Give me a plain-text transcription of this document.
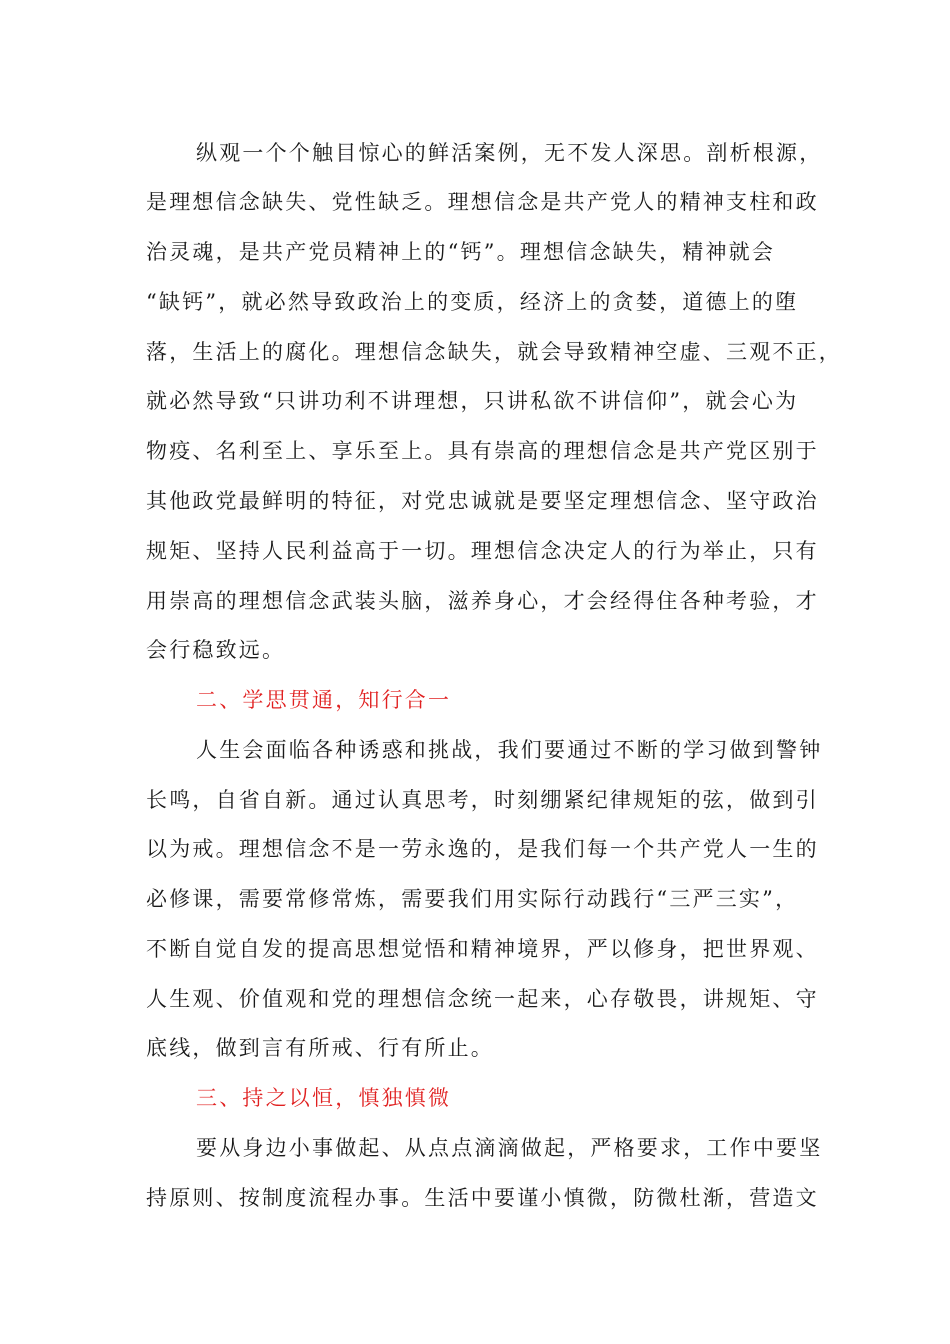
纵观一个个触目惊心的鲜活案例，无不发人深思。剖析根源，
是理想信念缺失、党性缺乏。理想信念是共产党人的精神支柱和政
治灵魂，是共产党员精神上的“钙”。理想信念缺失，精神就会
“缺钙”，就必然导致政治上的变质，经济上的贪婪，道德上的堕
落，生活上的腐化。理想信念缺失，就会导致精神空虚、三观不正，
就必然导致“只讲功利不讲理想，只讲私欲不讲信仰”，就会心为
物疫、名利至上、享乐至上。具有崇高的理想信念是共产党区别于
其他政党最鲜明的特征，对党忠诚就是要坚定理想信念、坚守政治
规矩、坚持人民利益高于一切。理想信念决定人的行为举止，只有
用崇高的理想信念武装头脑，滋养身心，才会经得住各种考验，才
会行稳致远。
二、学思贯通，知行合一
人生会面临各种诱惑和挑战，我们要通过不断的学习做到警钟
长鸣，自省自新。通过认真思考，时刻绷紧纪律规矩的弦，做到引
以为戒。理想信念不是一劳永逸的，是我们每一个共产党人一生的
必修课，需要常修常炼，需要我们用实际行动践行“三严三实”，
不断自觉自发的提高思想觉悟和精神境界，严以修身，把世界观、
人生观、价值观和党的理想信念统一起来，心存敬畏，讲规矩、守
底线，做到言有所戒、行有所止。
三、持之以恒，慎独慎微
要从身边小事做起、从点点滴滴做起，严格要求，工作中要坚
持原则、按制度流程办事。生活中要谨小慎微，防微杜渐，营造文
